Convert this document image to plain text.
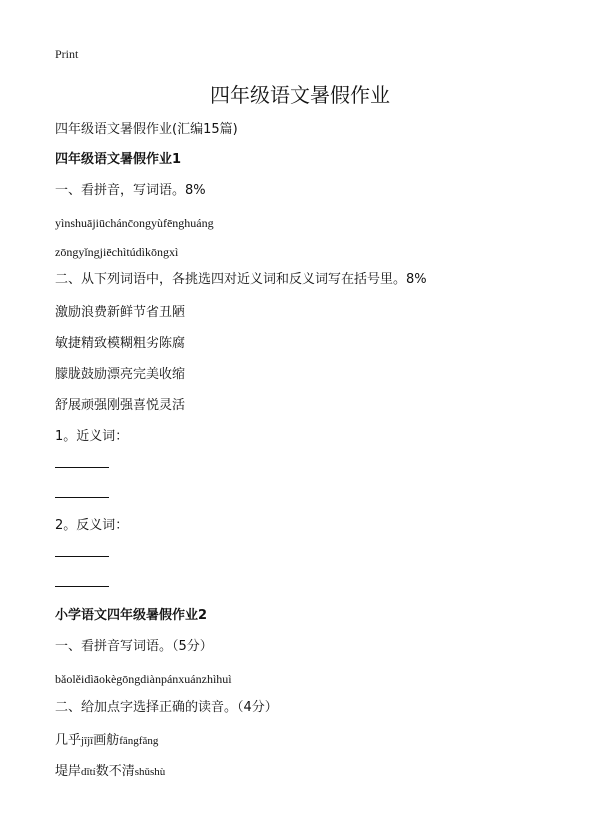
Print
四年级语文暑假作业
四年级语文暑假作业(汇编15篇)
四年级语文暑假作业1
一、看拼音，写词语。8%
yìnshuājiūchánc̄ongyùfēnghuáng
zōngyǐngjiēchìtúdìkōngxì
二、从下列词语中，各挑选四对近义词和反义词写在括号里。8%
激励浪费新鲜节省丑陋
敏捷精致模糊粗劣陈腐
朦胧鼓励漂亮完美收缩
舒展顽强刚强喜悦灵活
1。近义词：
2。反义词：
小学语文四年级暑假作业2
一、看拼音写词语。（5分）
bǎolěidìāokègōngdiànpánxuánzhìhuì
二、给加点字选择正确的读音。（4分）
几乎jījī画舫fāngfǎng
堤岸dītí数不清shǔshù
